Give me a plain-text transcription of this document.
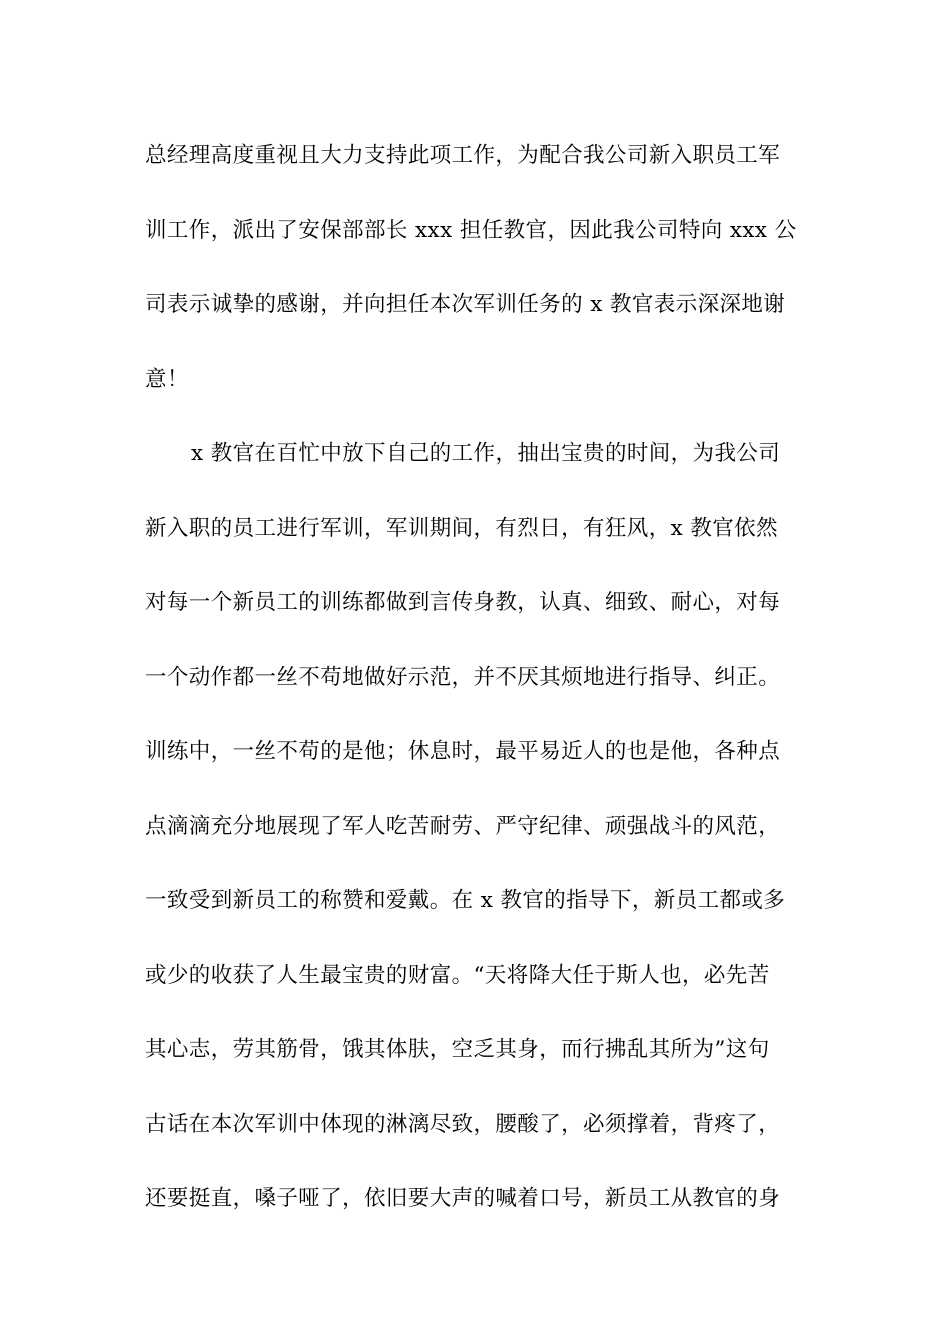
总经理高度重视且大力支持此项工作，为配合我公司新入职员工军
训工作，派出了安保部部长 xxx 担任教官，因此我公司特向 xxx 公
司表示诚挚的感谢，并向担任本次军训任务的 x 教官表示深深地谢
意！
x 教官在百忙中放下自己的工作，抽出宝贵的时间，为我公司
新入职的员工进行军训，军训期间，有烈日，有狂风，x 教官依然
对每一个新员工的训练都做到言传身教，认真、细致、耐心，对每
一个动作都一丝不苟地做好示范，并不厌其烦地进行指导、纠正。
训练中，一丝不苟的是他；休息时，最平易近人的也是他，各种点
点滴滴充分地展现了军人吃苦耐劳、严守纪律、顽强战斗的风范，
一致受到新员工的称赞和爱戴。在 x 教官的指导下，新员工都或多
或少的收获了人生最宝贵的财富。“天将降大任于斯人也，必先苦
其心志，劳其筋骨，饿其体肤，空乏其身，而行拂乱其所为”这句
古话在本次军训中体现的淋漓尽致，腰酸了，必须撑着，背疼了，
还要挺直，嗓子哑了，依旧要大声的喊着口号，新员工从教官的身
